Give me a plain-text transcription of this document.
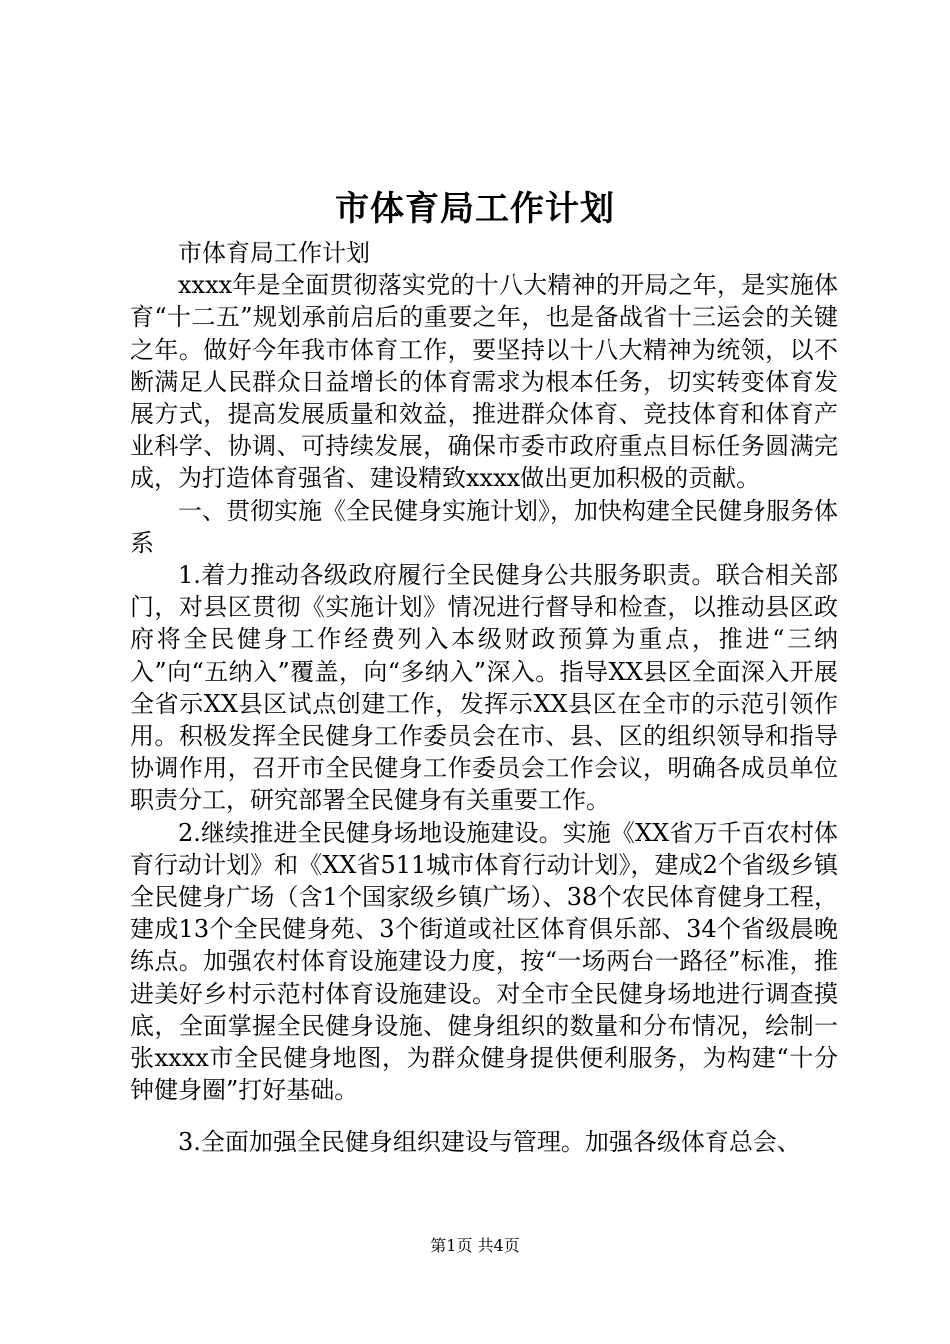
市体育局工作计划

市体育局工作计划

xxxx年是全面贯彻落实党的十八大精神的开局之年，是实施体育“十二五”规划承前启后的重要之年，也是备战省十三运会的关键之年。做好今年我市体育工作，要坚持以十八大精神为统领，以不断满足人民群众日益增长的体育需求为根本任务，切实转变体育发展方式，提高发展质量和效益，推进群众体育、竞技体育和体育产业科学、协调、可持续发展，确保市委市政府重点目标任务圆满完成，为打造体育强省、建设精致xxxx做出更加积极的贡献。

一、贯彻实施《全民健身实施计划》，加快构建全民健身服务体系

1.着力推动各级政府履行全民健身公共服务职责。联合相关部门，对县区贯彻《实施计划》情况进行督导和检查，以推动县区政府将全民健身工作经费列入本级财政预算为重点，推进“三纳入”向“五纳入”覆盖，向“多纳入”深入。指导XX县区全面深入开展全省示XX县区试点创建工作，发挥示XX县区在全市的示范引领作用。积极发挥全民健身工作委员会在市、县、区的组织领导和指导协调作用，召开市全民健身工作委员会工作会议，明确各成员单位职责分工，研究部署全民健身有关重要工作。

2.继续推进全民健身场地设施建设。实施《XX省万千百农村体育行动计划》和《XX省511城市体育行动计划》，建成2个省级乡镇全民健身广场（含1个国家级乡镇广场）、38个农民体育健身工程，建成13个全民健身苑、3个街道或社区体育俱乐部、34个省级晨晚练点。加强农村体育设施建设力度，按“一场两台一路径”标准，推进美好乡村示范村体育设施建设。对全市全民健身场地进行调查摸底，全面掌握全民健身设施、健身组织的数量和分布情况，绘制一张xxxx市全民健身地图，为群众健身提供便利服务，为构建“十分钟健身圈”打好基础。

3.全面加强全民健身组织建设与管理。加强各级体育总会、

第1页 共4页
